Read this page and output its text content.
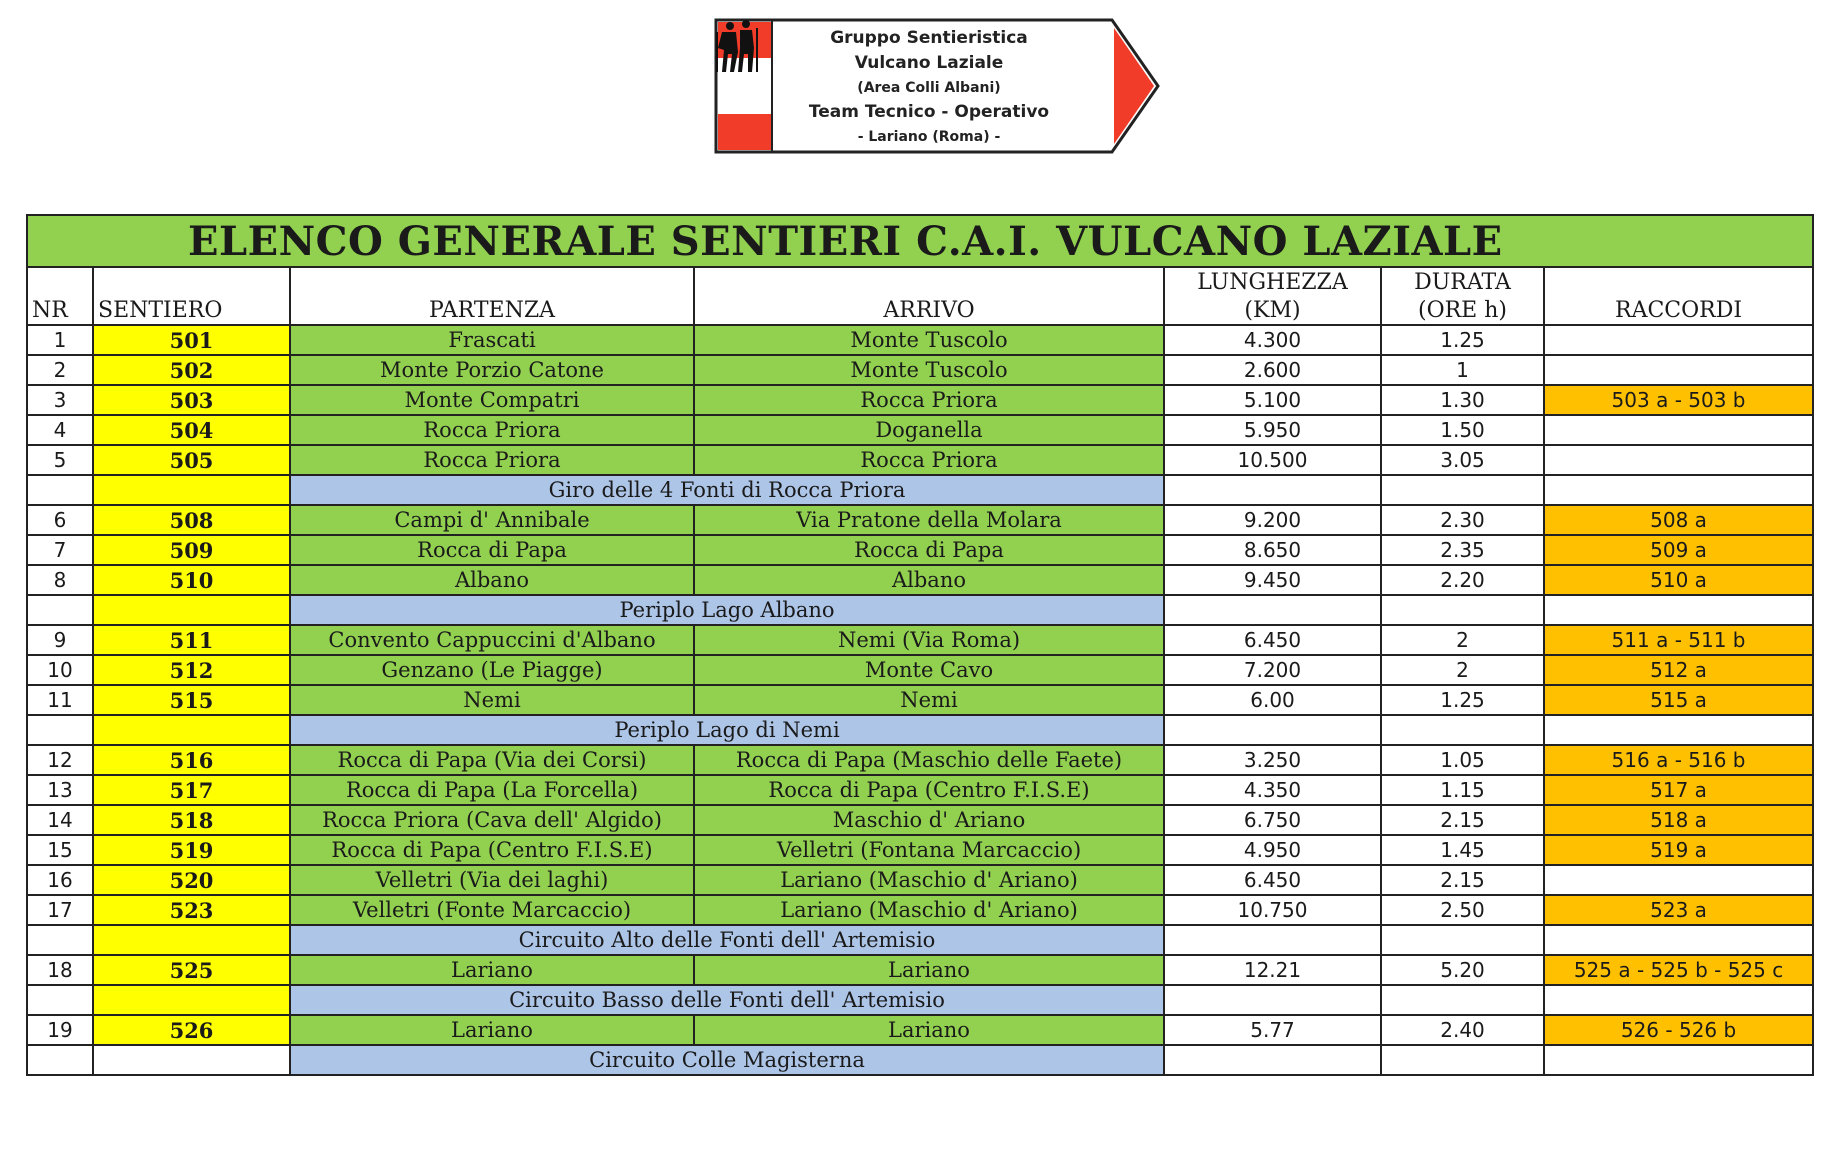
Gruppo Sentieristica
Vulcano Laziale
(Area Colli Albani)
Team Tecnico - Operativo
- Lariano (Roma) -
ELENCO GENERALE SENTIERI C.A.I. VULCANO LAZIALE						
				LUNGHEZZA	DURATA	
NR	SENTIERO	PARTENZA	ARRIVO	(KM)	(ORE h)	RACCORDI
1	501	Frascati	Monte Tuscolo	4.300	1.25	
2	502	Monte Porzio Catone	Monte Tuscolo	2.600	1	
3	503	Monte Compatri	Rocca Priora	5.100	1.30	503 a - 503 b
4	504	Rocca Priora	Doganella	5.950	1.50	
5	505	Rocca Priora	Rocca Priora	10.500	3.05	
		Giro delle 4 Fonti di Rocca Priora				
6	508	Campi d' Annibale	Via Pratone della Molara	9.200	2.30	508 a
7	509	Rocca di Papa	Rocca di Papa	8.650	2.35	509 a
8	510	Albano	Albano	9.450	2.20	510 a
		Periplo Lago Albano				
9	511	Convento Cappuccini d'Albano	Nemi (Via Roma)	6.450	2	511 a - 511 b
10	512	Genzano (Le Piagge)	Monte Cavo	7.200	2	512 a
11	515	Nemi	Nemi	6.00	1.25	515 a
		Periplo Lago di Nemi				
12	516	Rocca di Papa (Via dei Corsi)	Rocca di Papa (Maschio delle Faete)	3.250	1.05	516 a - 516 b
13	517	Rocca di Papa (La Forcella)	Rocca di Papa (Centro F.I.S.E)	4.350	1.15	517 a
14	518	Rocca Priora (Cava dell' Algido)	Maschio d' Ariano	6.750	2.15	518 a
15	519	Rocca di Papa (Centro F.I.S.E)	Velletri (Fontana Marcaccio)	4.950	1.45	519 a
16	520	Velletri (Via dei laghi)	Lariano (Maschio d' Ariano)	6.450	2.15	
17	523	Velletri (Fonte Marcaccio)	Lariano (Maschio d' Ariano)	10.750	2.50	523 a
		Circuito Alto delle Fonti dell' Artemisio				
18	525	Lariano	Lariano	12.21	5.20	525 a - 525 b - 525 c
		Circuito Basso delle Fonti dell' Artemisio				
19	526	Lariano	Lariano	5.77	2.40	526 - 526 b
		Circuito Colle Magisterna				
